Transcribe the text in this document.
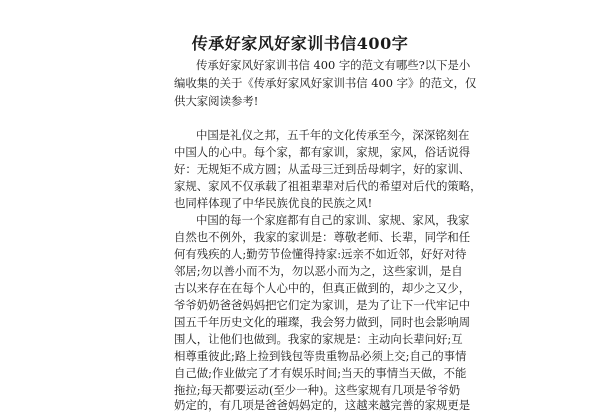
传承好家风好家训书信400字
传承好家风好家训书信 400 字的范文有哪些?以下是小
编收集的关于《传承好家风好家训书信 400 字》的范文，仅
供大家阅读参考!
中国是礼仪之邦，五千年的文化传承至今，深深铭刻在
中国人的心中。每个家，都有家训，家规，家风，俗话说得
好：无规矩不成方圆；从孟母三迁到岳母刺字，好的家训、
家规、家风不仅承载了祖祖辈辈对后代的希望对后代的策略，
也同样体现了中华民族优良的民族之风!
中国的每一个家庭都有自己的家训、家规、家风，我家
自然也不例外，我家的家训是：尊敬老师、长辈，同学和任
何有残疾的人;勤劳节俭懂得持家:远亲不如近邻，好好对待
邻居;勿以善小而不为，勿以恶小而为之，这些家训，是自
古以来存在在每个人心中的，但真正做到的，却少之又少，
爷爷奶奶爸爸妈妈把它们定为家训，是为了让下一代牢记中
国五千年历史文化的璀璨，我会努力做到，同时也会影响周
围人，让他们也做到。我家的家规是：主动向长辈问好;互
相尊重彼此;路上捡到钱包等贵重物品必须上交;自己的事情
自己做;作业做完了才有娱乐时间;当天的事情当天做，不能
拖拉;每天都要运动(至少一种)。这些家规有几项是爷爷奶
奶定的，有几项是爸爸妈妈定的，这越来越完善的家规更是
